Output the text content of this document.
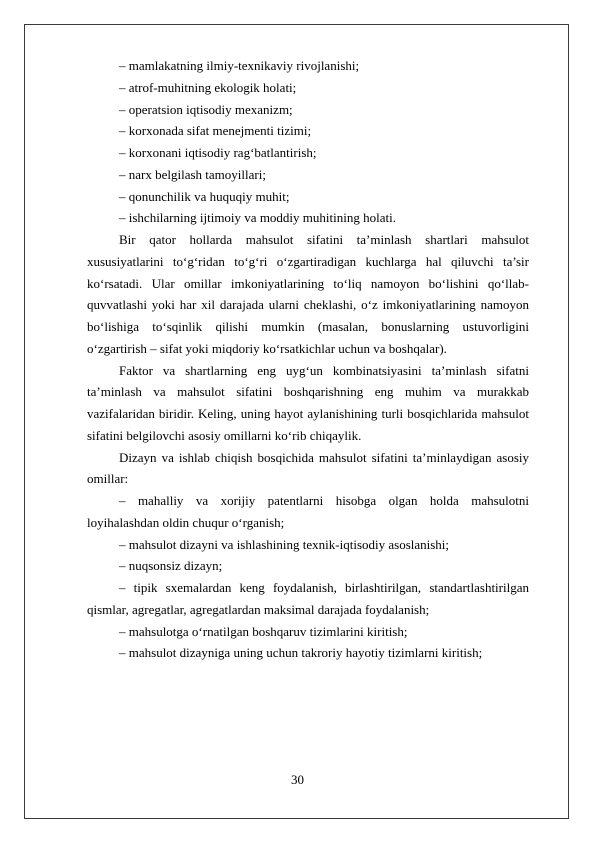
– mamlakatning ilmiy-texnikaviy rivojlanishi;

– atrof-muhitning ekologik holati;

– operatsion iqtisodiy mexanizm;

– korxonada sifat menejmenti tizimi;

– korxonani iqtisodiy rag‘batlantirish;

– narx belgilash tamoyillari;

– qonunchilik va huquqiy muhit;

– ishchilarning ijtimoiy va moddiy muhitining holati.

Bir qator hollarda mahsulot sifatini ta’minlash shartlari mahsulot xususiyatlarini to‘g‘ridan to‘g‘ri o‘zgartiradigan kuchlarga hal qiluvchi ta’sir ko‘rsatadi. Ular omillar imkoniyatlarining to‘liq namoyon bo‘lishini qo‘llab-quvvatlashi yoki har xil darajada ularni cheklashi, o‘z imkoniyatlarining namoyon bo‘lishiga to‘sqinlik qilishi mumkin (masalan, bonuslarning ustuvorligini o‘zgartirish – sifat yoki miqdoriy ko‘rsatkichlar uchun va boshqalar).

Faktor va shartlarning eng uyg‘un kombinatsiyasini ta’minlash sifatni ta’minlash va mahsulot sifatini boshqarishning eng muhim va murakkab vazifalaridan biridir. Keling, uning hayot aylanishining turli bosqichlarida mahsulot sifatini belgilovchi asosiy omillarni ko‘rib chiqaylik.

Dizayn va ishlab chiqish bosqichida mahsulot sifatini ta’minlaydigan asosiy omillar:

– mahalliy va xorijiy patentlarni hisobga olgan holda mahsulotni loyihalashdan oldin chuqur o‘rganish;

– mahsulot dizayni va ishlashining texnik-iqtisodiy asoslanishi;

– nuqsonsiz dizayn;

– tipik sxemalardan keng foydalanish, birlashtirilgan, standartlashtirilgan qismlar, agregatlar, agregatlardan maksimal darajada foydalanish;

– mahsulotga o‘rnatilgan boshqaruv tizimlarini kiritish;

– mahsulot dizayniga uning uchun takroriy hayotiy tizimlarni kiritish;

30
